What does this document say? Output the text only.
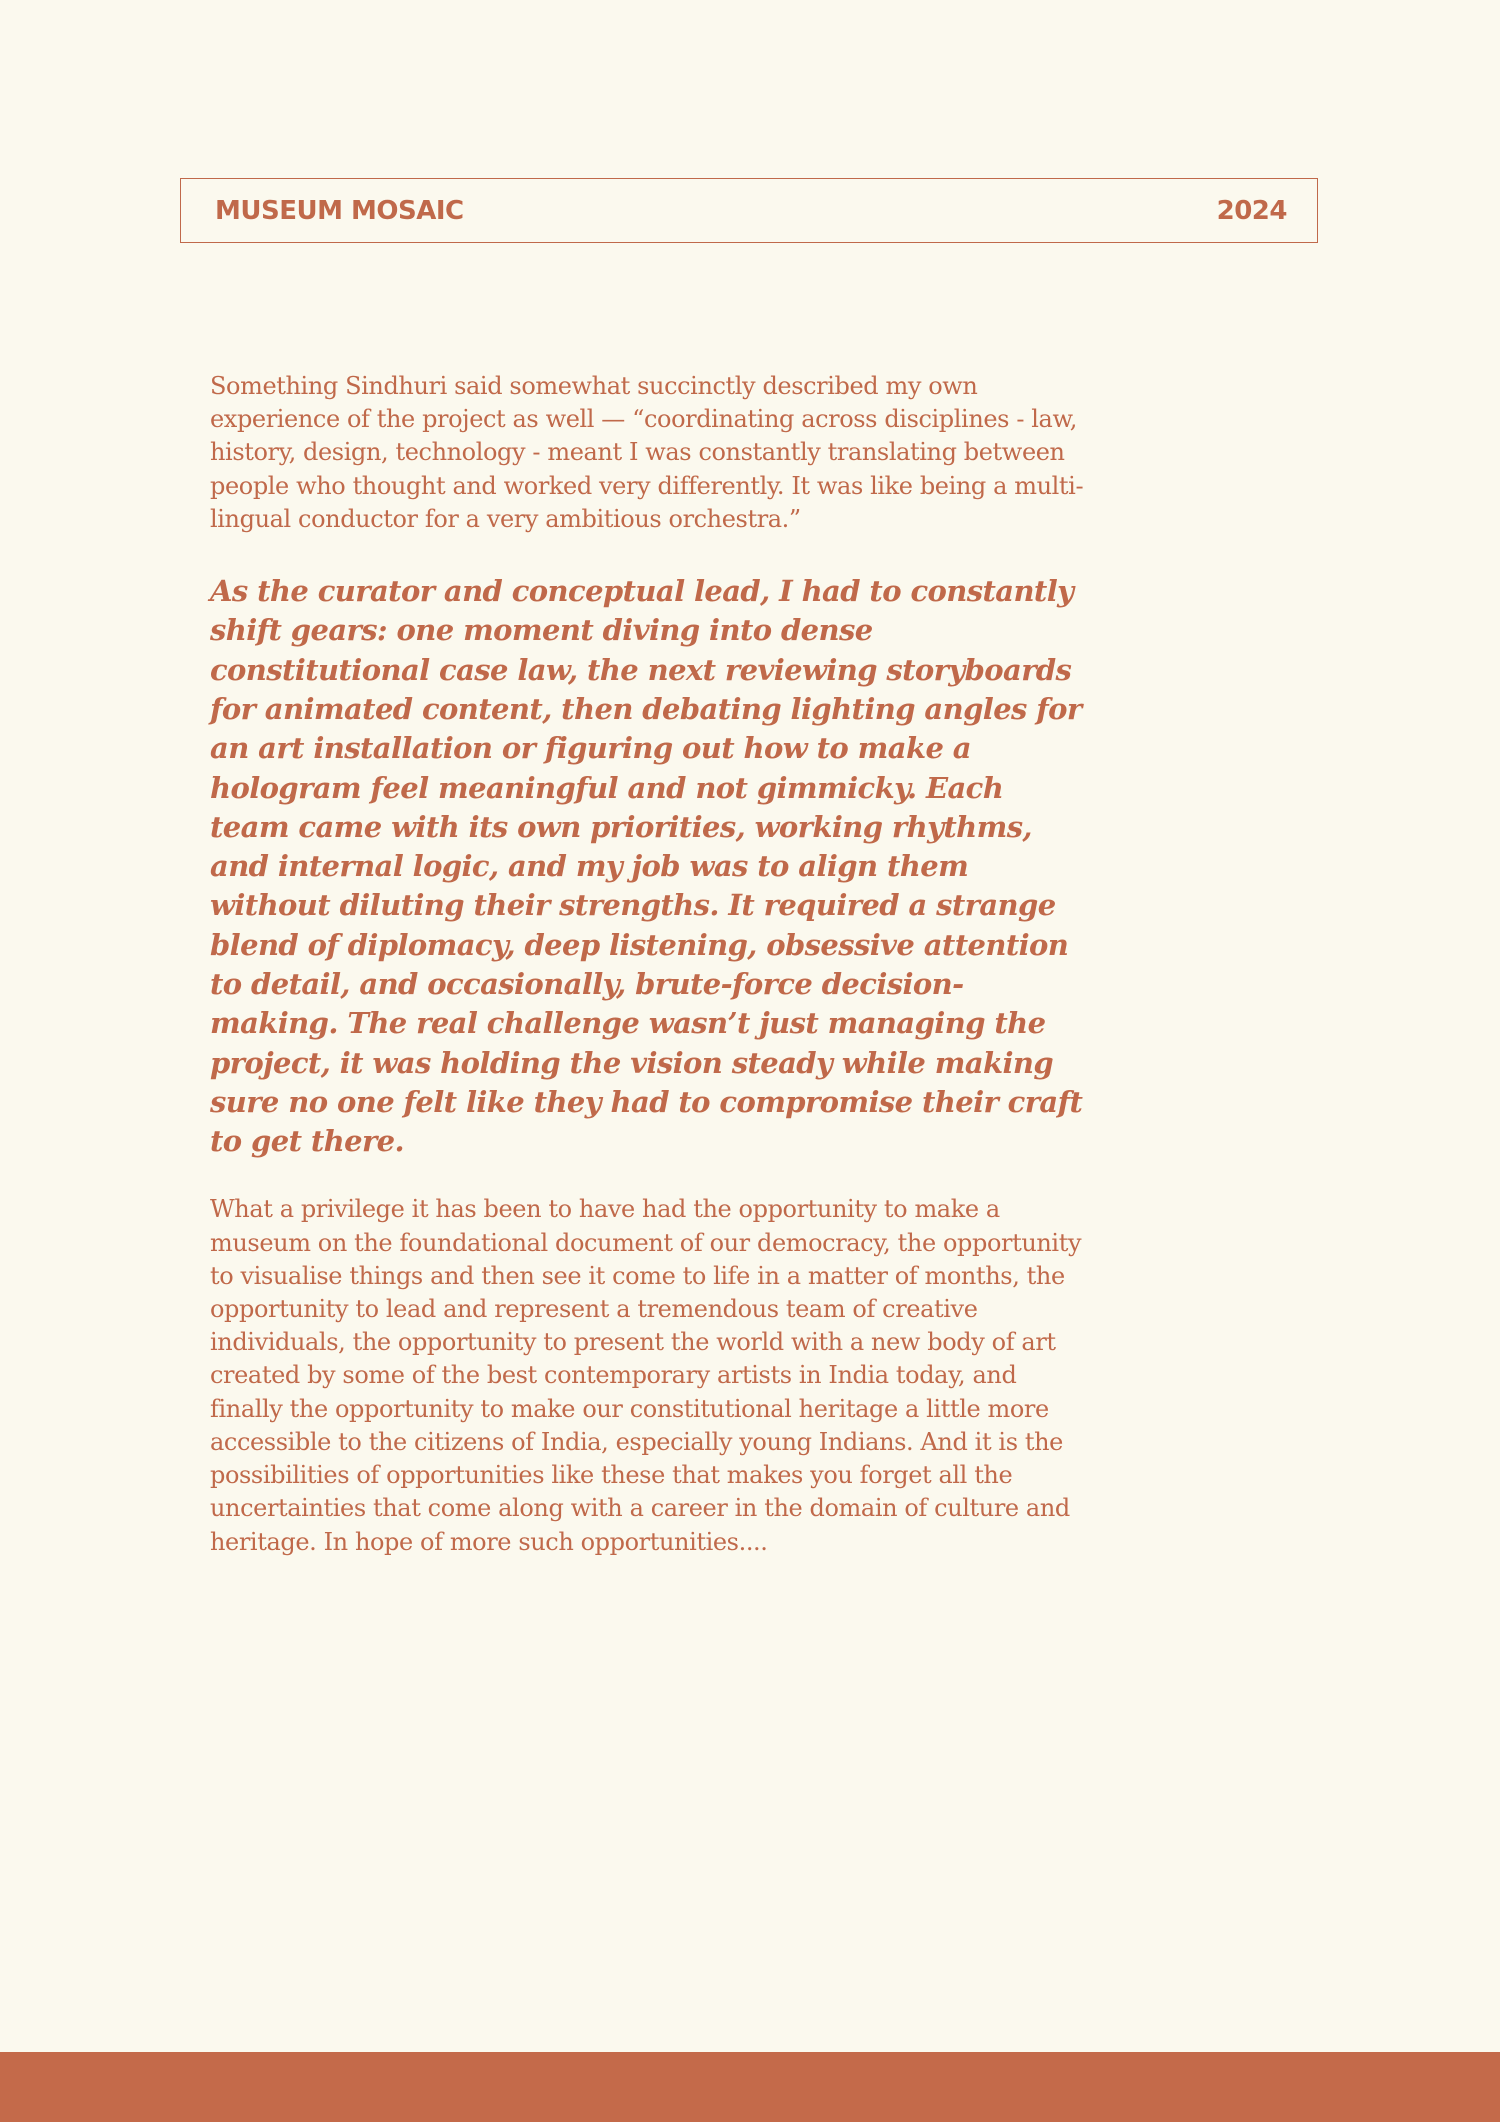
MUSEUM MOSAIC	2024

Something Sindhuri said somewhat succinctly described my own experience of the project as well — “coordinating across disciplines - law, history, design, technology - meant I was constantly translating between people who thought and worked very differently. It was like being a multi-lingual conductor for a very ambitious orchestra.”

As the curator and conceptual lead, I had to constantly shift gears: one moment diving into dense constitutional case law, the next reviewing storyboards for animated content, then debating lighting angles for an art installation or figuring out how to make a hologram feel meaningful and not gimmicky. Each team came with its own priorities, working rhythms, and internal logic, and my job was to align them without diluting their strengths. It required a strange blend of diplomacy, deep listening, obsessive attention to detail, and occasionally, brute-force decision-making. The real challenge wasn’t just managing the project, it was holding the vision steady while making sure no one felt like they had to compromise their craft to get there.

What a privilege it has been to have had the opportunity to make a museum on the foundational document of our democracy, the opportunity to visualise things and then see it come to life in a matter of months, the opportunity to lead and represent a tremendous team of creative individuals, the opportunity to present the world with a new body of art created by some of the best contemporary artists in India today, and finally the opportunity to make our constitutional heritage a little more accessible to the citizens of India, especially young Indians. And it is the possibilities of opportunities like these that makes you forget all the uncertainties that come along with a career in the domain of culture and heritage. In hope of more such opportunities....
